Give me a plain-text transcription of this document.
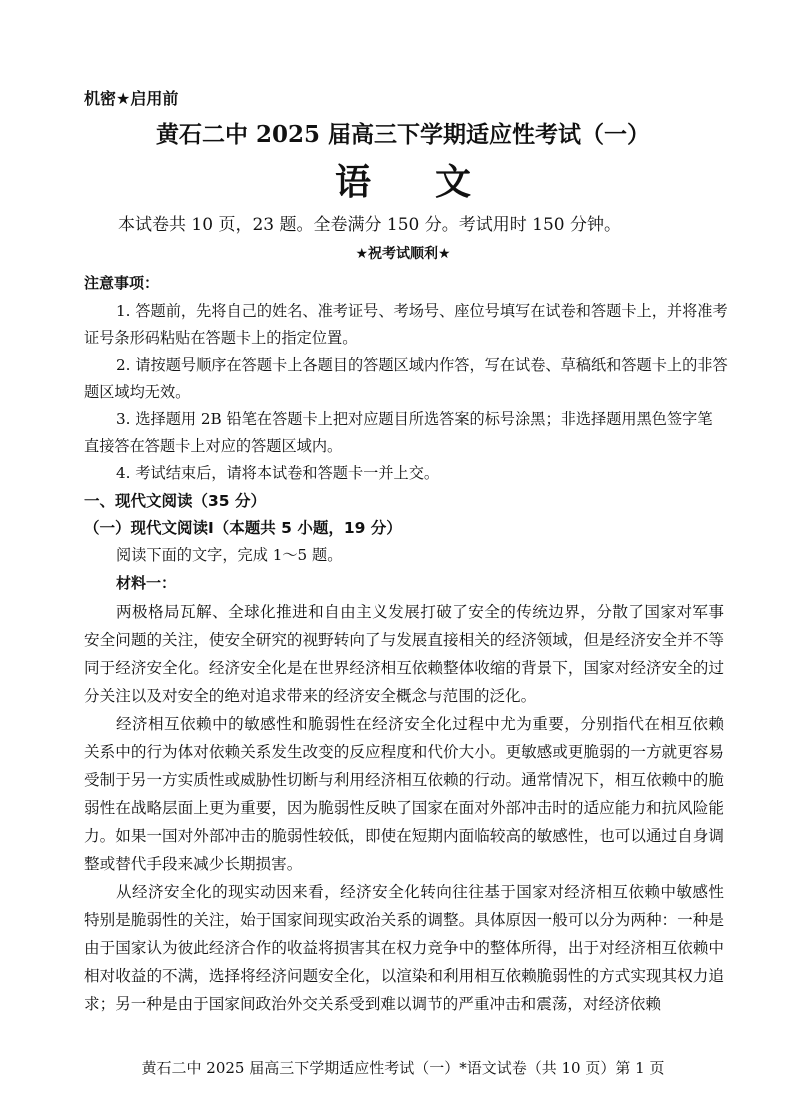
机密★启用前
黄石二中 2025 届高三下学期适应性考试（一）
语文
本试卷共 10 页，23 题。全卷满分 150 分。考试用时 150 分钟。
★祝考试顺利★
注意事项：
1. 答题前，先将自己的姓名、准考证号、考场号、座位号填写在试卷和答题卡上，并将准考
证号条形码粘贴在答题卡上的指定位置。
2. 请按题号顺序在答题卡上各题目的答题区域内作答，写在试卷、草稿纸和答题卡上的非答
题区域均无效。
3. 选择题用 2B 铅笔在答题卡上把对应题目所选答案的标号涂黑；非选择题用黑色签字笔
直接答在答题卡上对应的答题区域内。
4. 考试结束后，请将本试卷和答题卡一并上交。
一、现代文阅读（35 分）
（一）现代文阅读Ⅰ（本题共 5 小题，19 分）
阅读下面的文字，完成 1～5 题。
材料一：
两极格局瓦解、全球化推进和自由主义发展打破了安全的传统边界，分散了国家对军事安全问题的关注，使安全研究的视野转向了与发展直接相关的经济领域，但是经济安全并不等同于经济安全化。经济安全化是在世界经济相互依赖整体收缩的背景下，国家对经济安全的过分关注以及对安全的绝对追求带来的经济安全概念与范围的泛化。
经济相互依赖中的敏感性和脆弱性在经济安全化过程中尤为重要，分别指代在相互依赖关系中的行为体对依赖关系发生改变的反应程度和代价大小。更敏感或更脆弱的一方就更容易受制于另一方实质性或威胁性切断与利用经济相互依赖的行动。通常情况下，相互依赖中的脆弱性在战略层面上更为重要，因为脆弱性反映了国家在面对外部冲击时的适应能力和抗风险能力。如果一国对外部冲击的脆弱性较低，即使在短期内面临较高的敏感性，也可以通过自身调整或替代手段来减少长期损害。
从经济安全化的现实动因来看，经济安全化转向往往基于国家对经济相互依赖中敏感性特别是脆弱性的关注，始于国家间现实政治关系的调整。具体原因一般可以分为两种：一种是由于国家认为彼此经济合作的收益将损害其在权力竞争中的整体所得，出于对经济相互依赖中相对收益的不满，选择将经济问题安全化，以渲染和利用相互依赖脆弱性的方式实现其权力追求；另一种是由于国家间政治外交关系受到难以调节的严重冲击和震荡，对经济依赖
黄石二中 2025 届高三下学期适应性考试（一）*语文试卷（共 10 页）第 1 页
